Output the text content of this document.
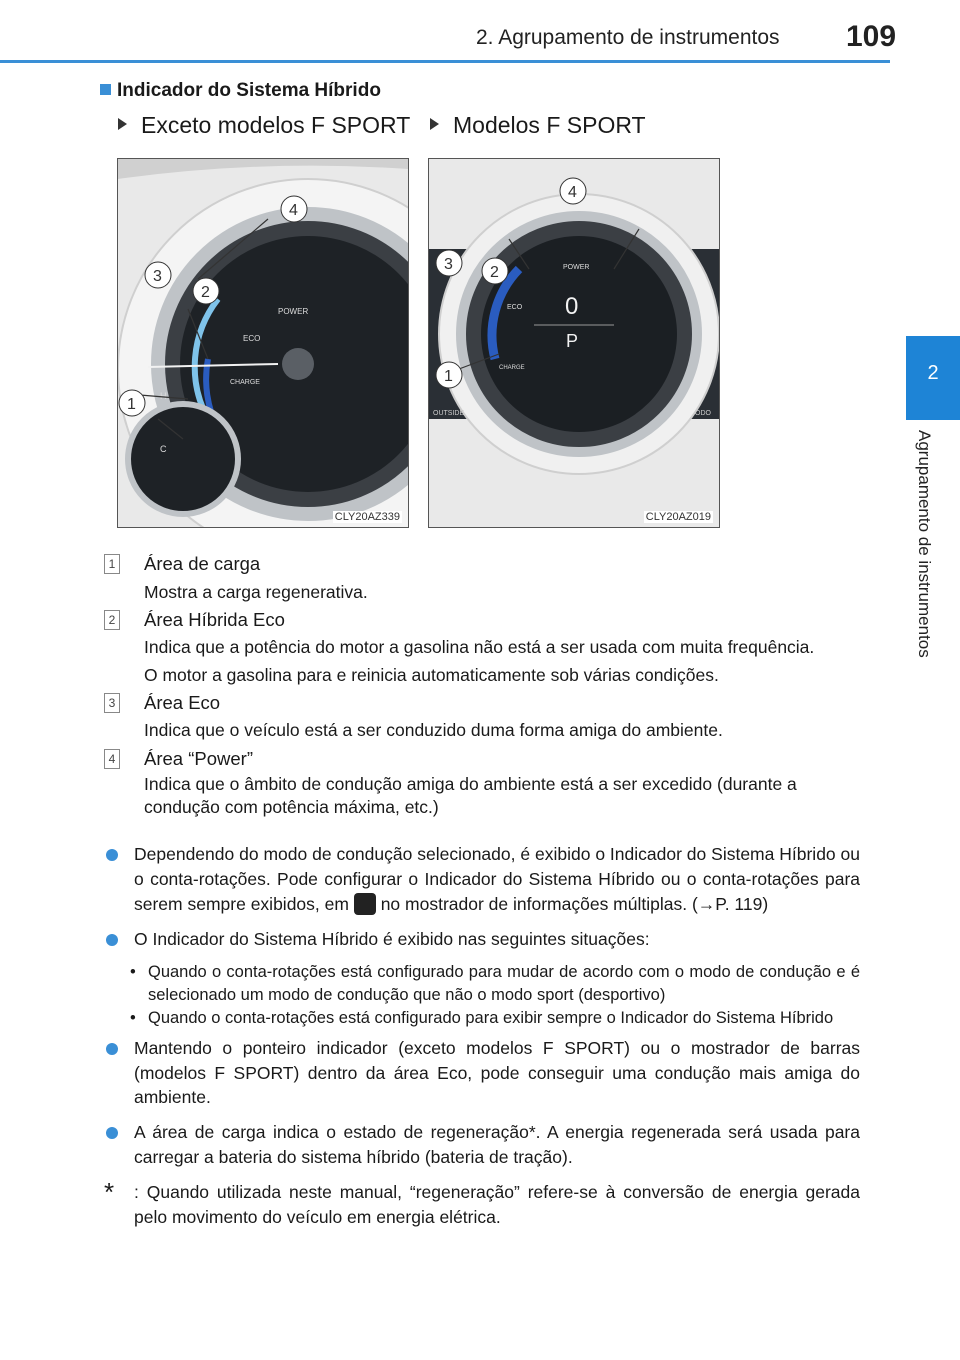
2. Agrupamento de instrumentos 109
2
Agrupamento de instrumentos
Indicador do Sistema Híbrido
Exceto modelos F SPORT	Modelos F SPORT
POWER
ECO
CHARGE
H
C
4
3
2
1
CLY20AZ339
POWER
ECO
CHARGE
0
P
OUTSIDE	ODO
4
3 2
1
CLY20AZ019
1 Área de carga
Mostra a carga regenerativa.
2 Área Híbrida Eco
Indica que a potência do motor a gasolina não está a ser usada com muita frequência.
O motor a gasolina para e reinicia automaticamente sob várias condições.
3 Área Eco
Indica que o veículo está a ser conduzido duma forma amiga do ambiente.
4 Área “Power”
Indica que o âmbito de condução amiga do ambiente está a ser excedido (durante a condução com potência máxima, etc.)
Dependendo do modo de condução selecionado, é exibido o Indicador do Sistema Híbrido ou o conta-rotações. Pode configurar o Indicador do Sistema Híbrido ou o conta-rotações para serem sempre exibidos, em no mostrador de informações múltiplas. (→P. 119)
O Indicador do Sistema Híbrido é exibido nas seguintes situações:
• Quando o conta-rotações está configurado para mudar de acordo com o modo de condução e é selecionado um modo de condução que não o modo sport (desportivo)
• Quando o conta-rotações está configurado para exibir sempre o Indicador do Sistema Híbrido
Mantendo o ponteiro indicador (exceto modelos F SPORT) ou o mostrador de barras (modelos F SPORT) dentro da área Eco, pode conseguir uma condução mais amiga do ambiente.
A área de carga indica o estado de regeneração*. A energia regenerada será usada para carregar a bateria do sistema híbrido (bateria de tração).
* : Quando utilizada neste manual, “regeneração” refere-se à conversão de energia gerada pelo movimento do veículo em energia elétrica.
